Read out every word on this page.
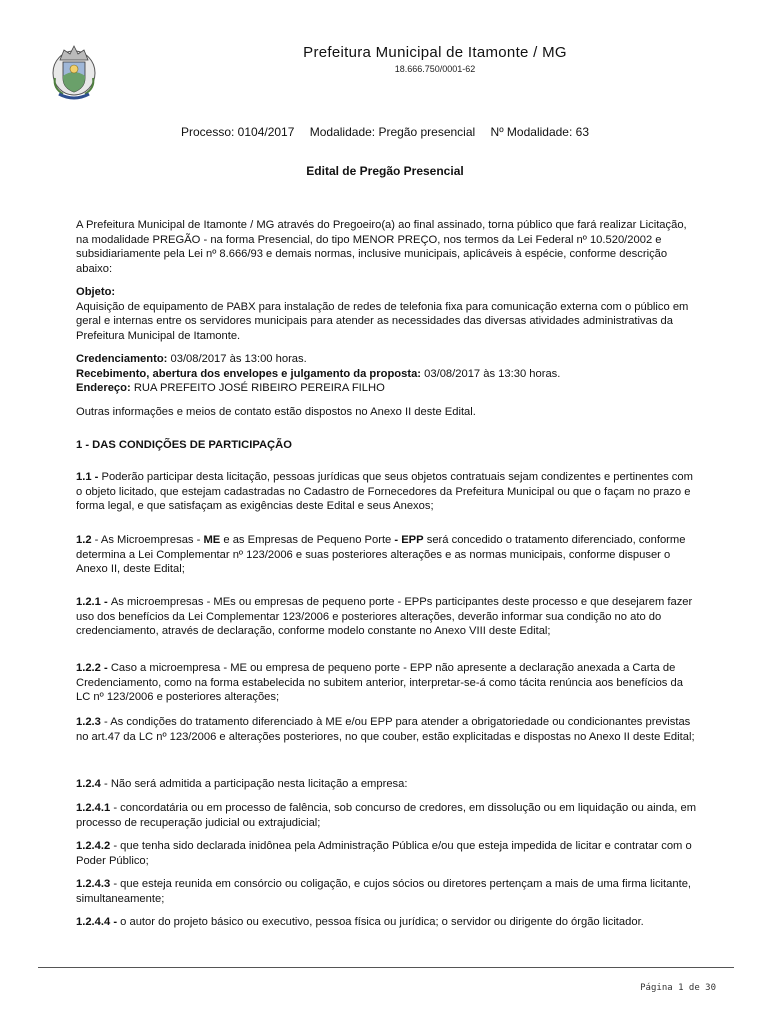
Prefeitura Municipal de Itamonte / MG
18.666.750/0001-62
Processo: 0104/2017 Modalidade: Pregão presencial Nº Modalidade: 63
Edital de Pregão Presencial

A Prefeitura Municipal de Itamonte / MG através do Pregoeiro(a) ao final assinado, torna público que fará realizar Licitação, na modalidade PREGÃO - na forma Presencial, do tipo MENOR PREÇO, nos termos da Lei Federal nº 10.520/2002 e subsidiariamente pela Lei nº 8.666/93 e demais normas, inclusive municipais, aplicáveis à espécie, conforme descrição abaixo:

Objeto:

Aquisição de equipamento de PABX para instalação de redes de telefonia fixa para comunicação externa com o público em geral e internas entre os servidores municipais para atender as necessidades das diversas atividades administrativas da Prefeitura Municipal de Itamonte.

Credenciamento: 03/08/2017 às 13:00 horas.

Recebimento, abertura dos envelopes e julgamento da proposta: 03/08/2017 às 13:30 horas.

Endereço: RUA PREFEITO JOSÉ RIBEIRO PEREIRA FILHO

Outras informações e meios de contato estão dispostos no Anexo II deste Edital.

1 - DAS CONDIÇÕES DE PARTICIPAÇÃO

1.1 - Poderão participar desta licitação, pessoas jurídicas que seus objetos contratuais sejam condizentes e pertinentes com o objeto licitado, que estejam cadastradas no Cadastro de Fornecedores da Prefeitura Municipal ou que o façam no prazo e forma legal, e que satisfaçam as exigências deste Edital e seus Anexos;

1.2 - As Microempresas - ME e as Empresas de Pequeno Porte - EPP será concedido o tratamento diferenciado, conforme determina a Lei Complementar nº 123/2006 e suas posteriores alterações e as normas municipais, conforme dispuser o Anexo II, deste Edital;

1.2.1 - As microempresas - MEs ou empresas de pequeno porte - EPPs participantes deste processo e que desejarem fazer uso dos benefícios da Lei Complementar 123/2006 e posteriores alterações, deverão informar sua condição no ato do credenciamento, através de declaração, conforme modelo constante no Anexo VIII deste Edital;

1.2.2 - Caso a microempresa - ME ou empresa de pequeno porte - EPP não apresente a declaração anexada a Carta de Credenciamento, como na forma estabelecida no subitem anterior, interpretar-se-á como tácita renúncia aos benefícios da LC nº 123/2006 e posteriores alterações;

1.2.3 - As condições do tratamento diferenciado à ME e/ou EPP para atender a obrigatoriedade ou condicionantes previstas no art.47 da LC nº 123/2006 e alterações posteriores, no que couber, estão explicitadas e dispostas no Anexo II deste Edital;

1.2.4 - Não será admitida a participação nesta licitação a empresa:

1.2.4.1 - concordatária ou em processo de falência, sob concurso de credores, em dissolução ou em liquidação ou ainda, em processo de recuperação judicial ou extrajudicial;

1.2.4.2 - que tenha sido declarada inidônea pela Administração Pública e/ou que esteja impedida de licitar e contratar com o Poder Público;

1.2.4.3 - que esteja reunida em consórcio ou coligação, e cujos sócios ou diretores pertençam a mais de uma firma licitante, simultaneamente;

1.2.4.4 - o autor do projeto básico ou executivo, pessoa física ou jurídica; o servidor ou dirigente do órgão licitador.

Página 1 de 30
